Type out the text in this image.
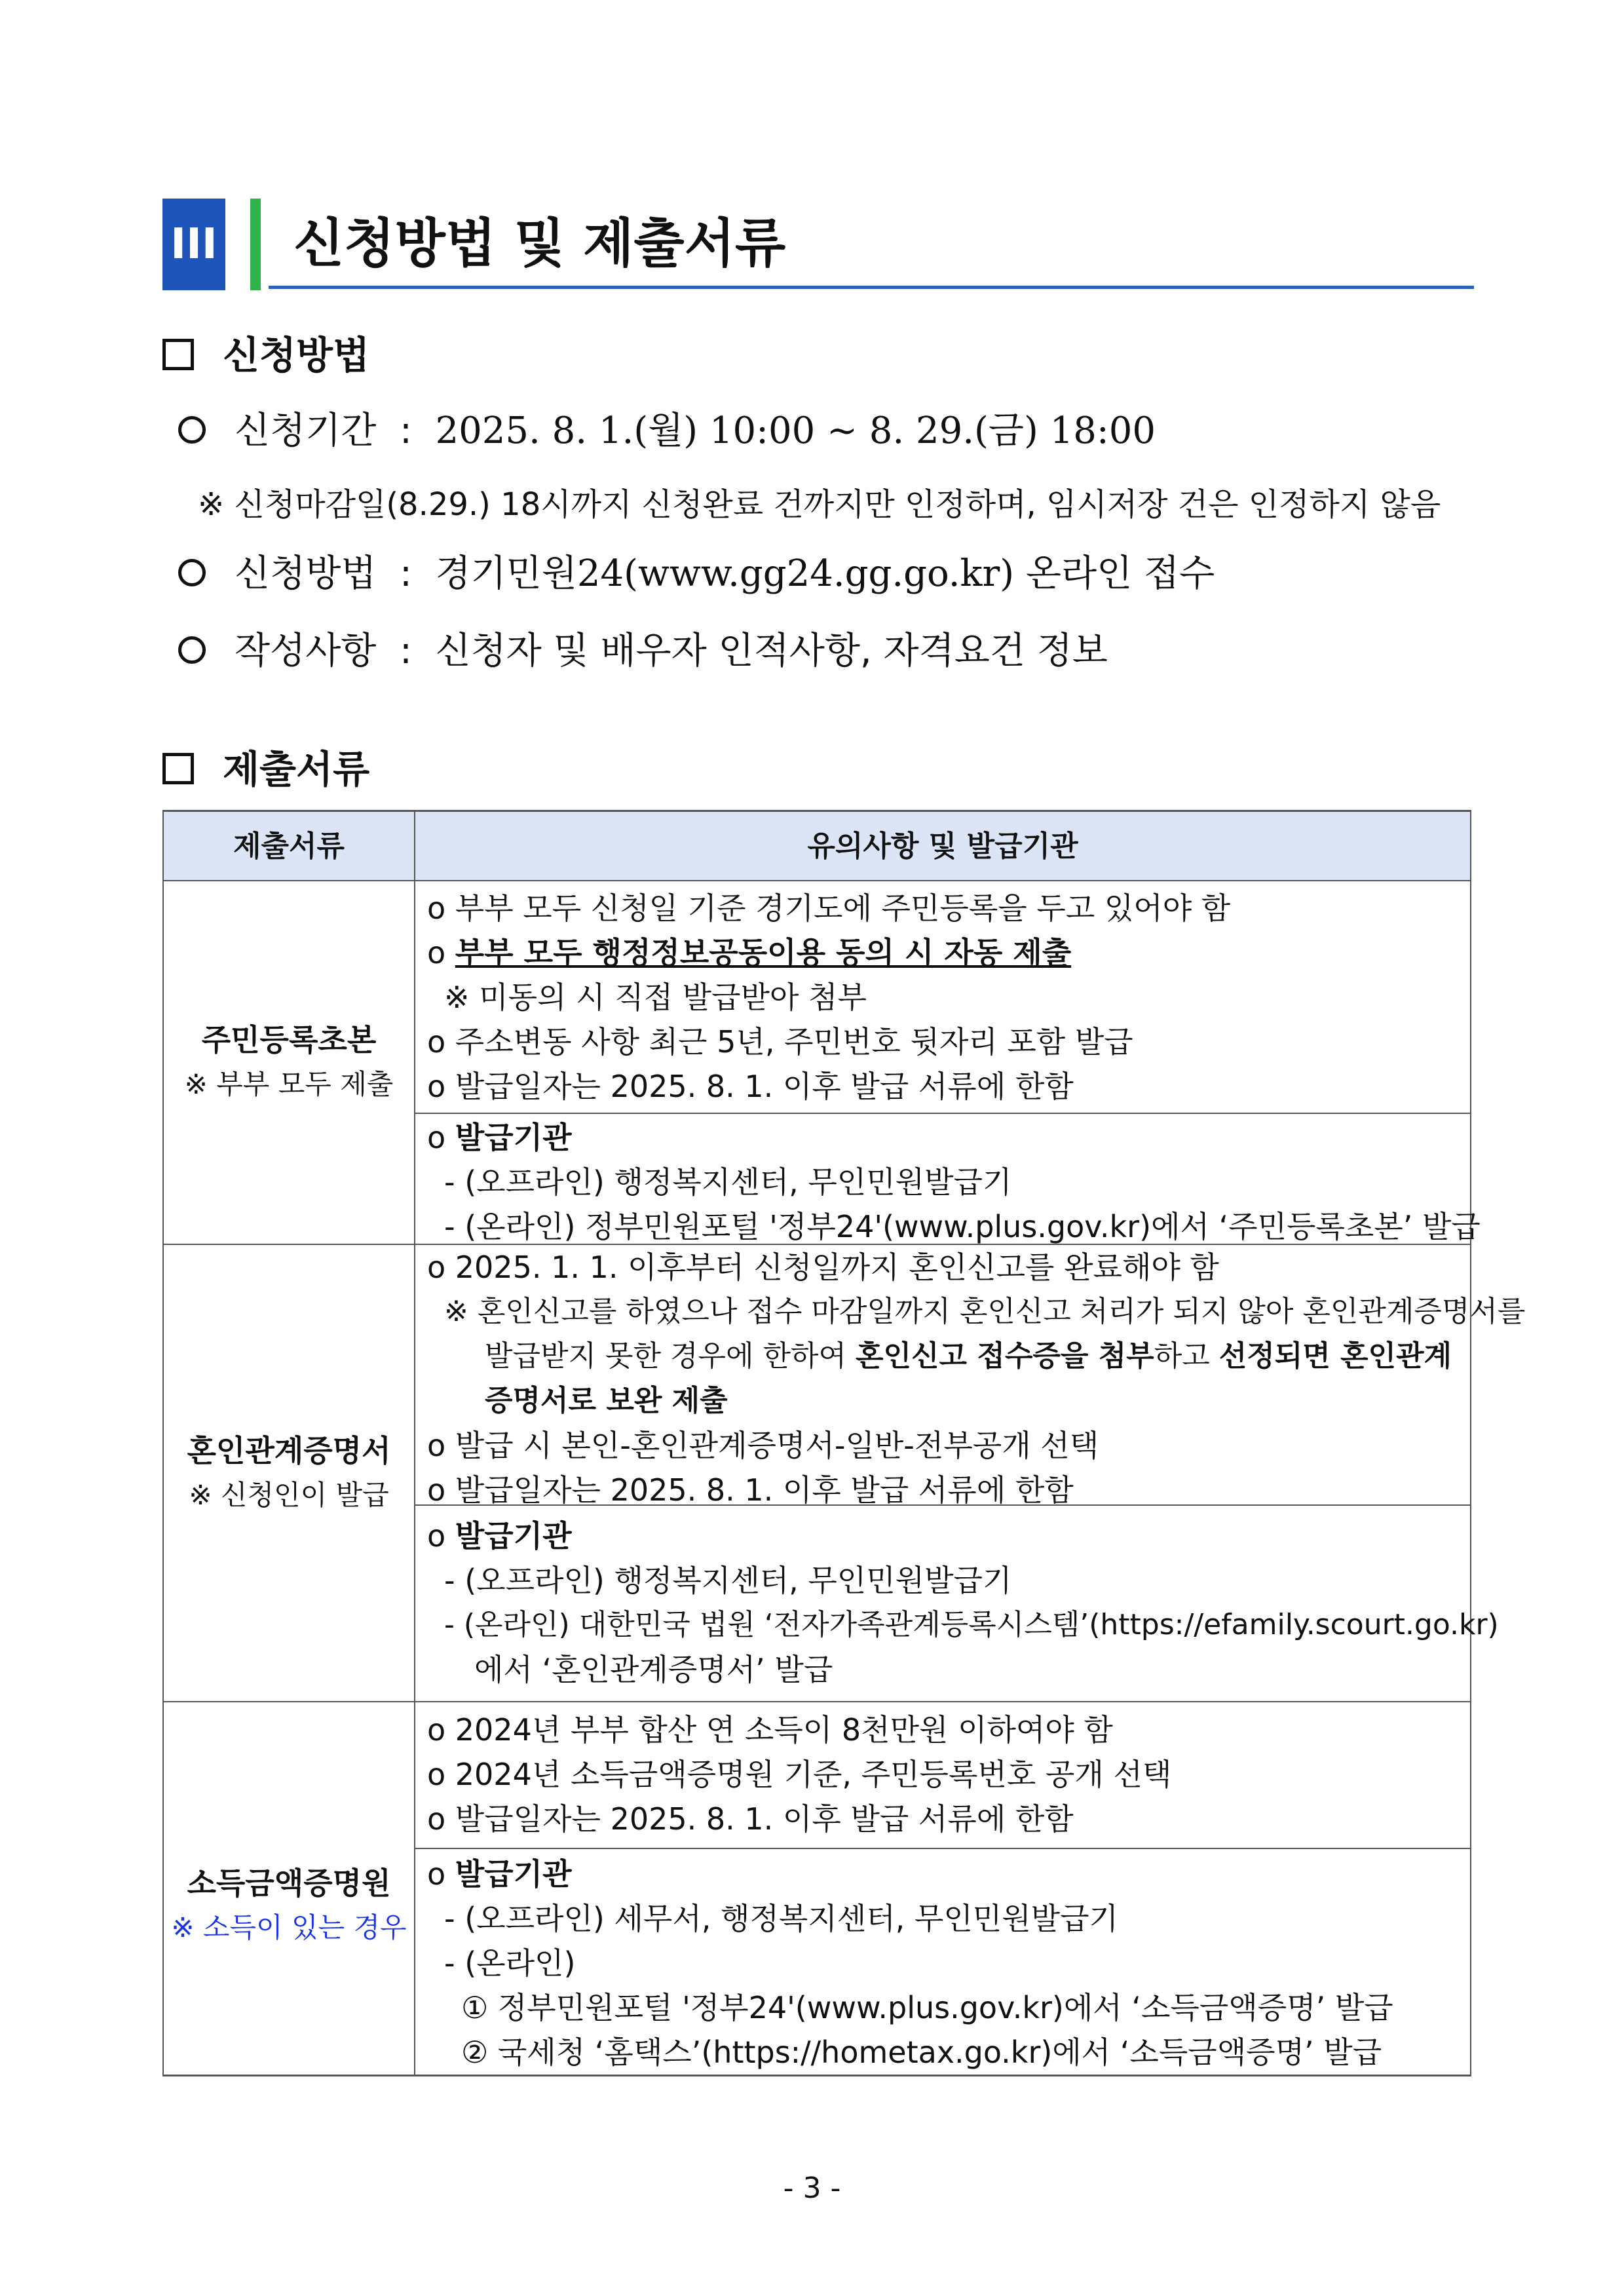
III 신청방법 및 제출서류
신청방법
신청기간  :  2025. 8. 1.(월) 10:00 ~ 8. 29.(금) 18:00
※ 신청마감일(8.29.) 18시까지 신청완료 건까지만 인정하며, 임시저장 건은 인정하지 않음
신청방법  :  경기민원24(www.gg24.gg.go.kr) 온라인 접수
작성사항  :  신청자 및 배우자 인적사항, 자격요건 정보
제출서류
제출서류	유의사항 및 발급기관
주민등록초본
※ 부부 모두 제출
o 부부 모두 신청일 기준 경기도에 주민등록을 두고 있어야 함
o 부부 모두 행정정보공동이용 동의 시 자동 제출
※ 미동의 시 직접 발급받아 첨부
o 주소변동 사항 최근 5년, 주민번호 뒷자리 포함 발급
o 발급일자는 2025. 8. 1. 이후 발급 서류에 한함
o 발급기관
- (오프라인) 행정복지센터, 무인민원발급기
- (온라인) 정부민원포털 '정부24'(www.plus.gov.kr)에서 ‘주민등록초본’ 발급
혼인관계증명서
※ 신청인이 발급
o 2025. 1. 1. 이후부터 신청일까지 혼인신고를 완료해야 함
※ 혼인신고를 하였으나 접수 마감일까지 혼인신고 처리가 되지 않아 혼인관계증명서를
발급받지 못한 경우에 한하여 혼인신고 접수증을 첨부하고 선정되면 혼인관계
증명서로 보완 제출
o 발급 시 본인-혼인관계증명서-일반-전부공개 선택
o 발급일자는 2025. 8. 1. 이후 발급 서류에 한함
o 발급기관
- (오프라인) 행정복지센터, 무인민원발급기
- (온라인) 대한민국 법원 ‘전자가족관계등록시스템’(https://efamily.scourt.go.kr)
에서 ‘혼인관계증명서’ 발급
소득금액증명원
※ 소득이 있는 경우
o 2024년 부부 합산 연 소득이 8천만원 이하여야 함
o 2024년 소득금액증명원 기준, 주민등록번호 공개 선택
o 발급일자는 2025. 8. 1. 이후 발급 서류에 한함
o 발급기관
- (오프라인) 세무서, 행정복지센터, 무인민원발급기
- (온라인)
① 정부민원포털 '정부24'(www.plus.gov.kr)에서 ‘소득금액증명’ 발급
② 국세청 ‘홈택스’(https://hometax.go.kr)에서 ‘소득금액증명’ 발급
- 3 -
